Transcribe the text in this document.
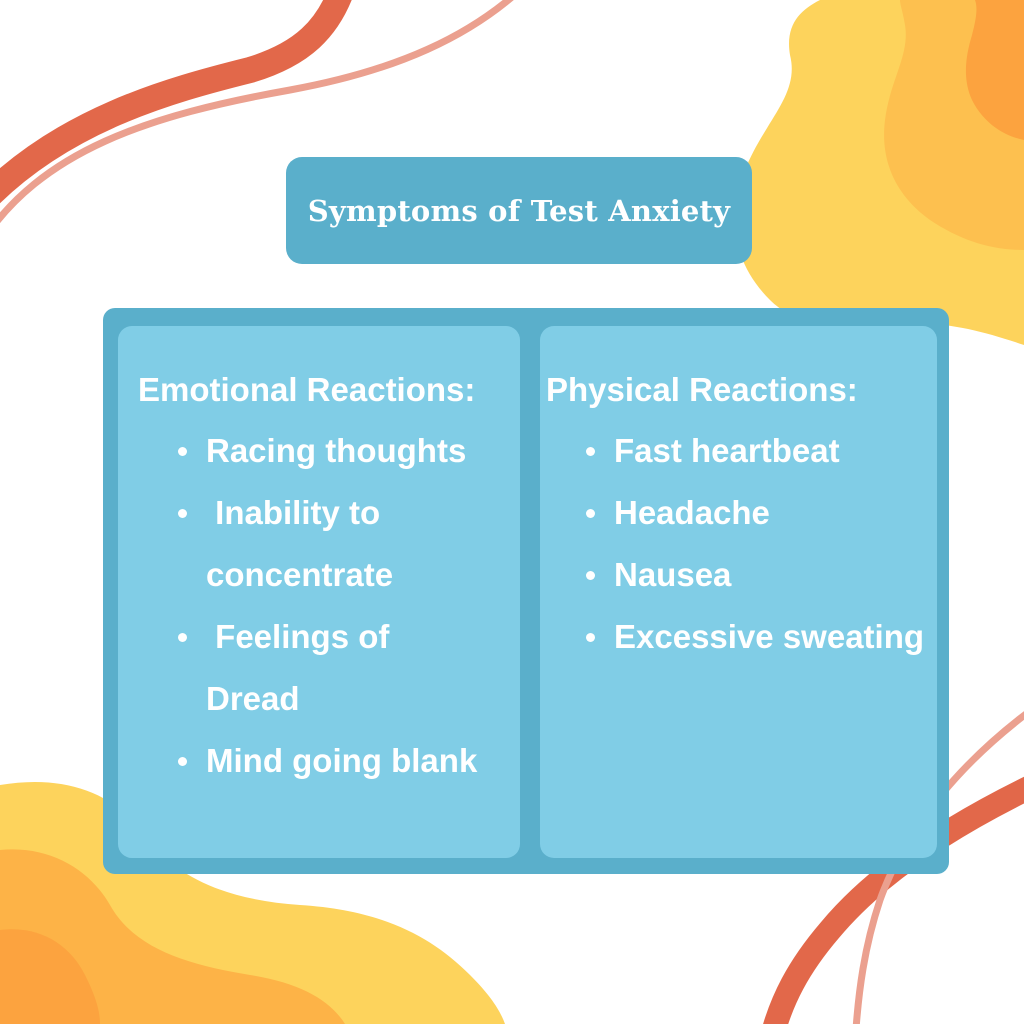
Symptoms of Test Anxiety
Emotional Reactions:
Racing thoughts
Inability to
concentrate
Feelings of
Dread
Mind going blank
Physical Reactions:
Fast heartbeat
Headache
Nausea
Excessive sweating
